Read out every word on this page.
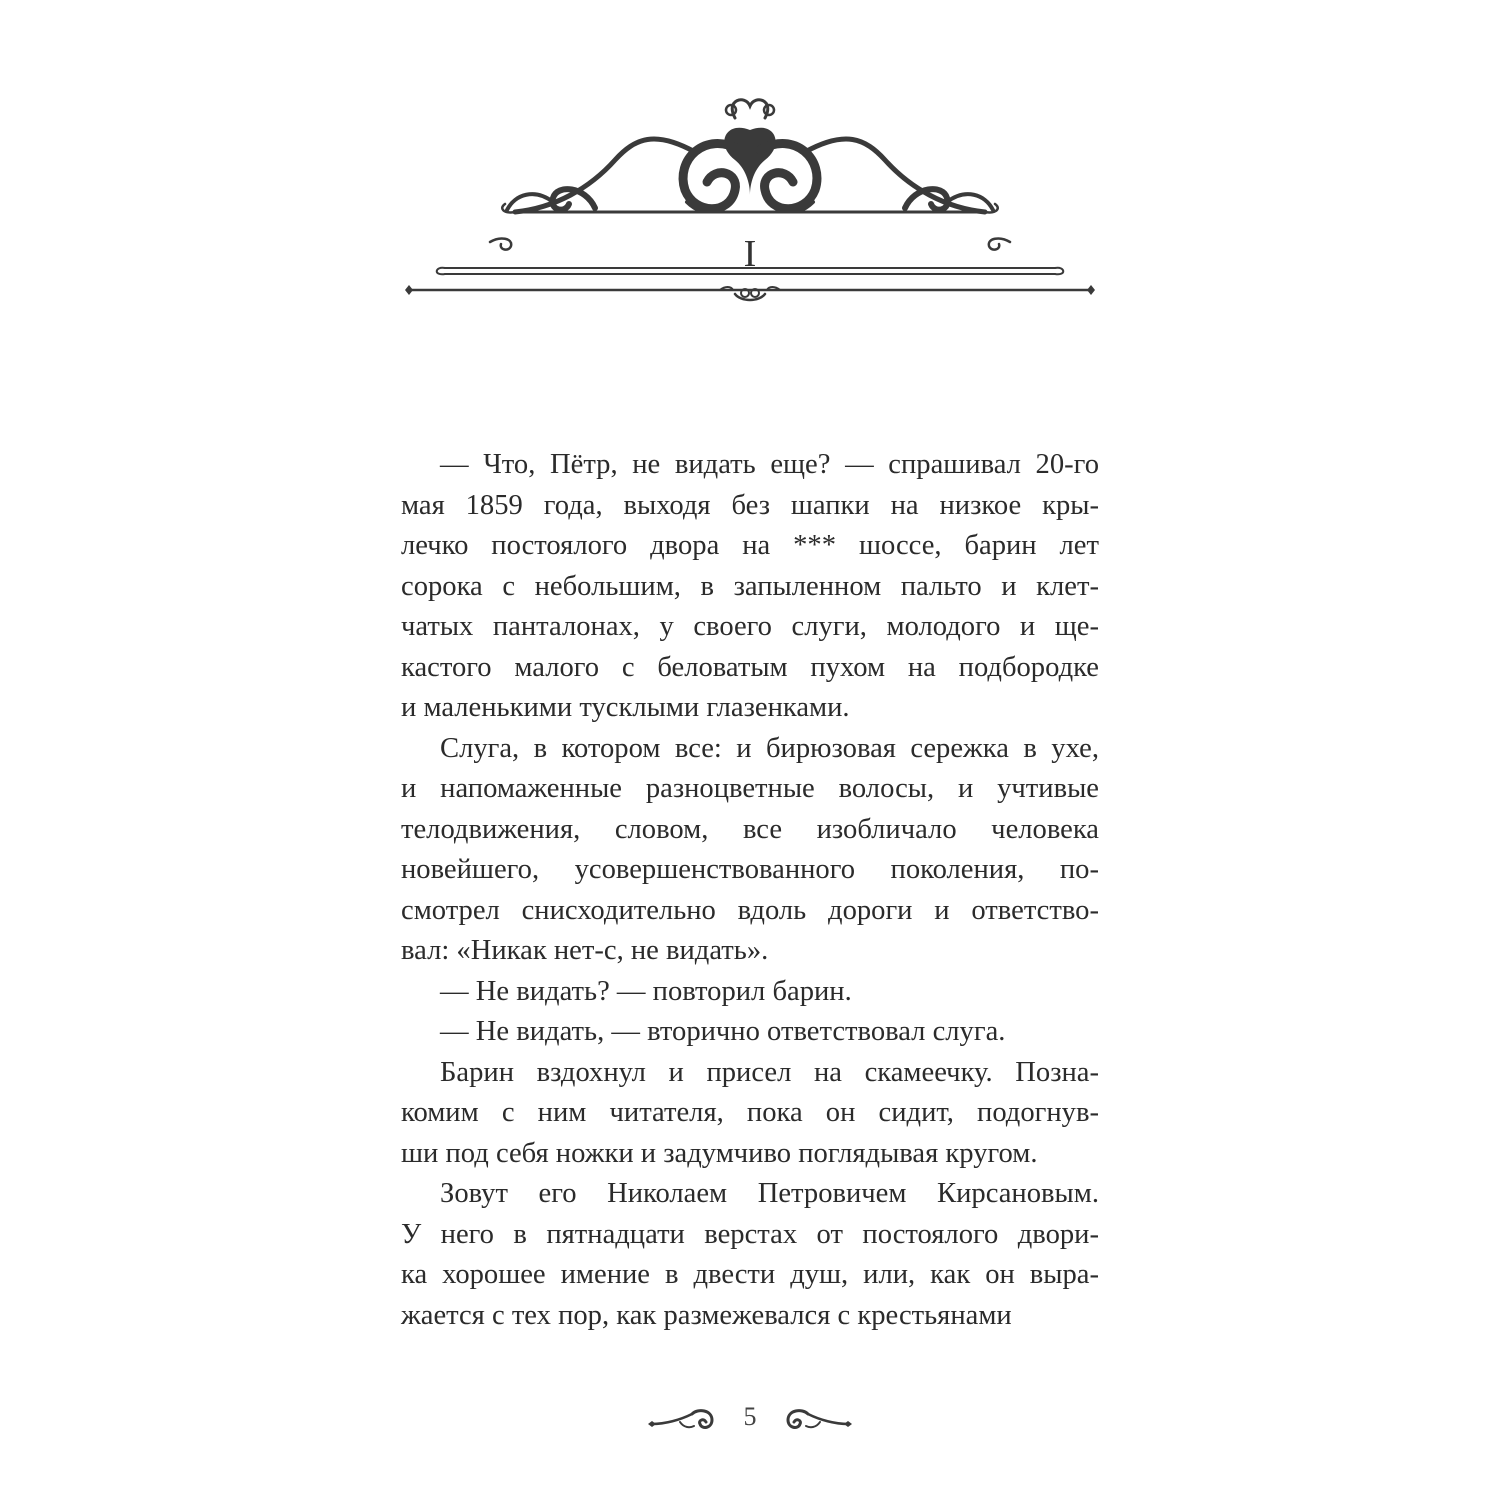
I
— Что, Пётр, не видать еще? — спрашивал 20-го
мая 1859 года, выходя без шапки на низкое кры-
лечко постоялого двора на *** шоссе, барин лет
сорока с небольшим, в запыленном пальто и клет-
чатых панталонах, у своего слуги, молодого и ще-
кастого малого с беловатым пухом на подбородке
и маленькими тусклыми глазенками.
Слуга, в котором все: и бирюзовая сережка в ухе,
и напомаженные разноцветные волосы, и учтивые
телодвижения, словом, все изобличало человека
новейшего, усовершенствованного поколения, по-
смотрел снисходительно вдоль дороги и ответство-
вал: «Никак нет-с, не видать».
— Не видать? — повторил барин.
— Не видать, — вторично ответствовал слуга.
Барин вздохнул и присел на скамеечку. Позна-
комим с ним читателя, пока он сидит, подогнув-
ши под себя ножки и задумчиво поглядывая кругом.
Зовут его Николаем Петровичем Кирсановым.
У него в пятнадцати верстах от постоялого двори-
ка хорошее имение в двести душ, или, как он выра-
жается с тех пор, как размежевался с крестьянами
5
